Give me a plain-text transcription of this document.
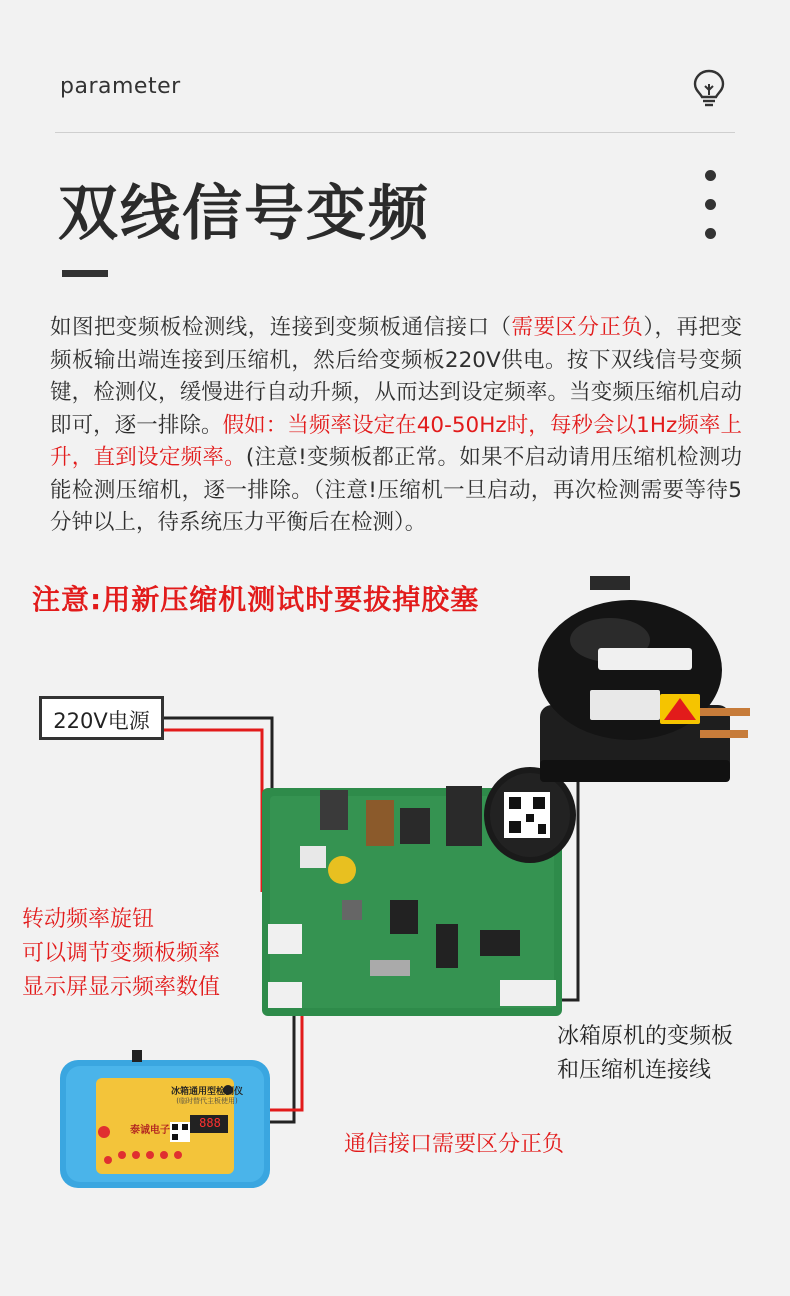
parameter
双线信号变频
如图把变频板检测线，连接到变频板通信接口（需要区分正负），再把变频板输出端连接到压缩机，然后给变频板220V供电。按下双线信号变频键，检测仪，缓慢进行自动升频，从而达到设定频率。当变频压缩机启动即可，逐一排除。假如：当频率设定在40-50Hz时，每秒会以1Hz频率上升，直到设定频率。(注意!变频板都正常。如果不启动请用压缩机检测功能检测压缩机，逐一排除。（注意!压缩机一旦启动，再次检测需要等待5分钟以上，待系统压力平衡后在检测）。
注意:用新压缩机测试时要拔掉胶塞
220V电源
冰箱通用型检测仪
(临时替代主板使用)
泰诚电子
888
转动频率旋钮
可以调节变频板频率
显示屏显示频率数值
冰箱原机的变频板
和压缩机连接线
通信接口需要区分正负
